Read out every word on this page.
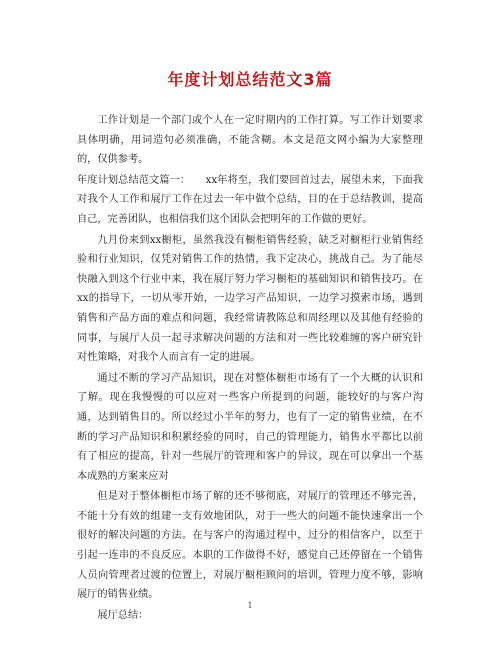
年度计划总结范文3篇

工作计划是一个部门或个人在一定时期内的工作打算。写工作计划要求具体明确，用词造句必须准确，不能含糊。本文是范文网小编为大家整理的，仅供参考。

年度计划总结范文篇一：　　xx年将至，我们要回首过去，展望未来，下面我对我个人工作和展厅工作在过去一年中做个总结，目的在于总结教训，提高自己，完善团队，也相信我们这个团队会把明年的工作做的更好。

九月份来到xx橱柜，虽然我没有橱柜销售经验，缺乏对橱柜行业销售经验和行业知识，仅凭对销售工作的热情，我下定决心，挑战自己。为了能尽快融入到这个行业中来，我在展厅努力学习橱柜的基础知识和销售技巧。在xx的指导下，一切从零开始，一边学习产品知识，一边学习摸索市场，遇到销售和产品方面的难点和问题，我经常请教陈总和周经理以及其他有经验的同事，与展厅人员一起寻求解决问题的方法和对一些比较难缠的客户研究针对性策略，对我个人而言有一定的进展。

通过不断的学习产品知识，现在对整体橱柜市场有了一个大概的认识和了解。现在我慢慢的可以应对一些客户所提到的问题，能较好的与客户沟通，达到销售目的。所以经过小半年的努力，也有了一定的销售业绩，在不断的学习产品知识和积累经验的同时，自己的管理能力，销售水平都比以前有了相应的提高，针对一些展厅的管理和客户的异议，现在可以拿出一个基本成熟的方案来应对

但是对于整体橱柜市场了解的还不够彻底，对展厅的管理还不够完善，不能十分有效的组建一支有效地团队，对于一些大的问题不能快速拿出一个很好的解决问题的方法。在与客户的沟通过程中，过分的相信客户，以至于引起一连串的不良反应。本职的工作做得不好，感觉自己还停留在一个销售人员向管理者过渡的位置上，对展厅橱柜顾问的培训，管理力度不够，影响展厅的销售业绩。

展厅总结：

1
